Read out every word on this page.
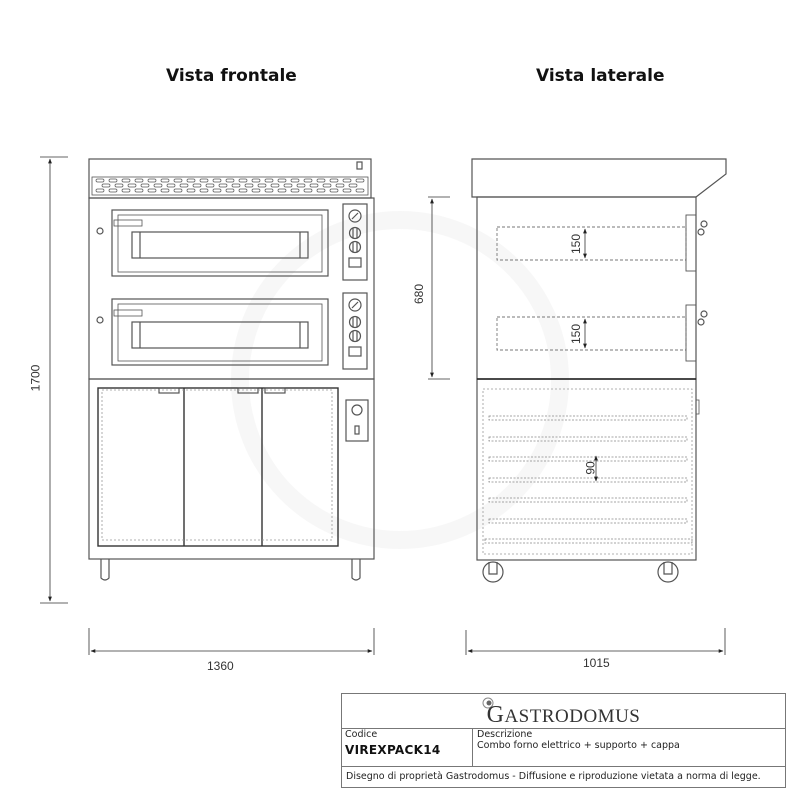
Vista frontale	Vista laterale
1700
680
150
150
90
1360	1015
GASTRODOMUS
Codice
VIREXPACK14
Descrizione
Combo forno elettrico + supporto + cappa
Disegno di proprietà Gastrodomus - Diffusione e riproduzione vietata a norma di legge.
